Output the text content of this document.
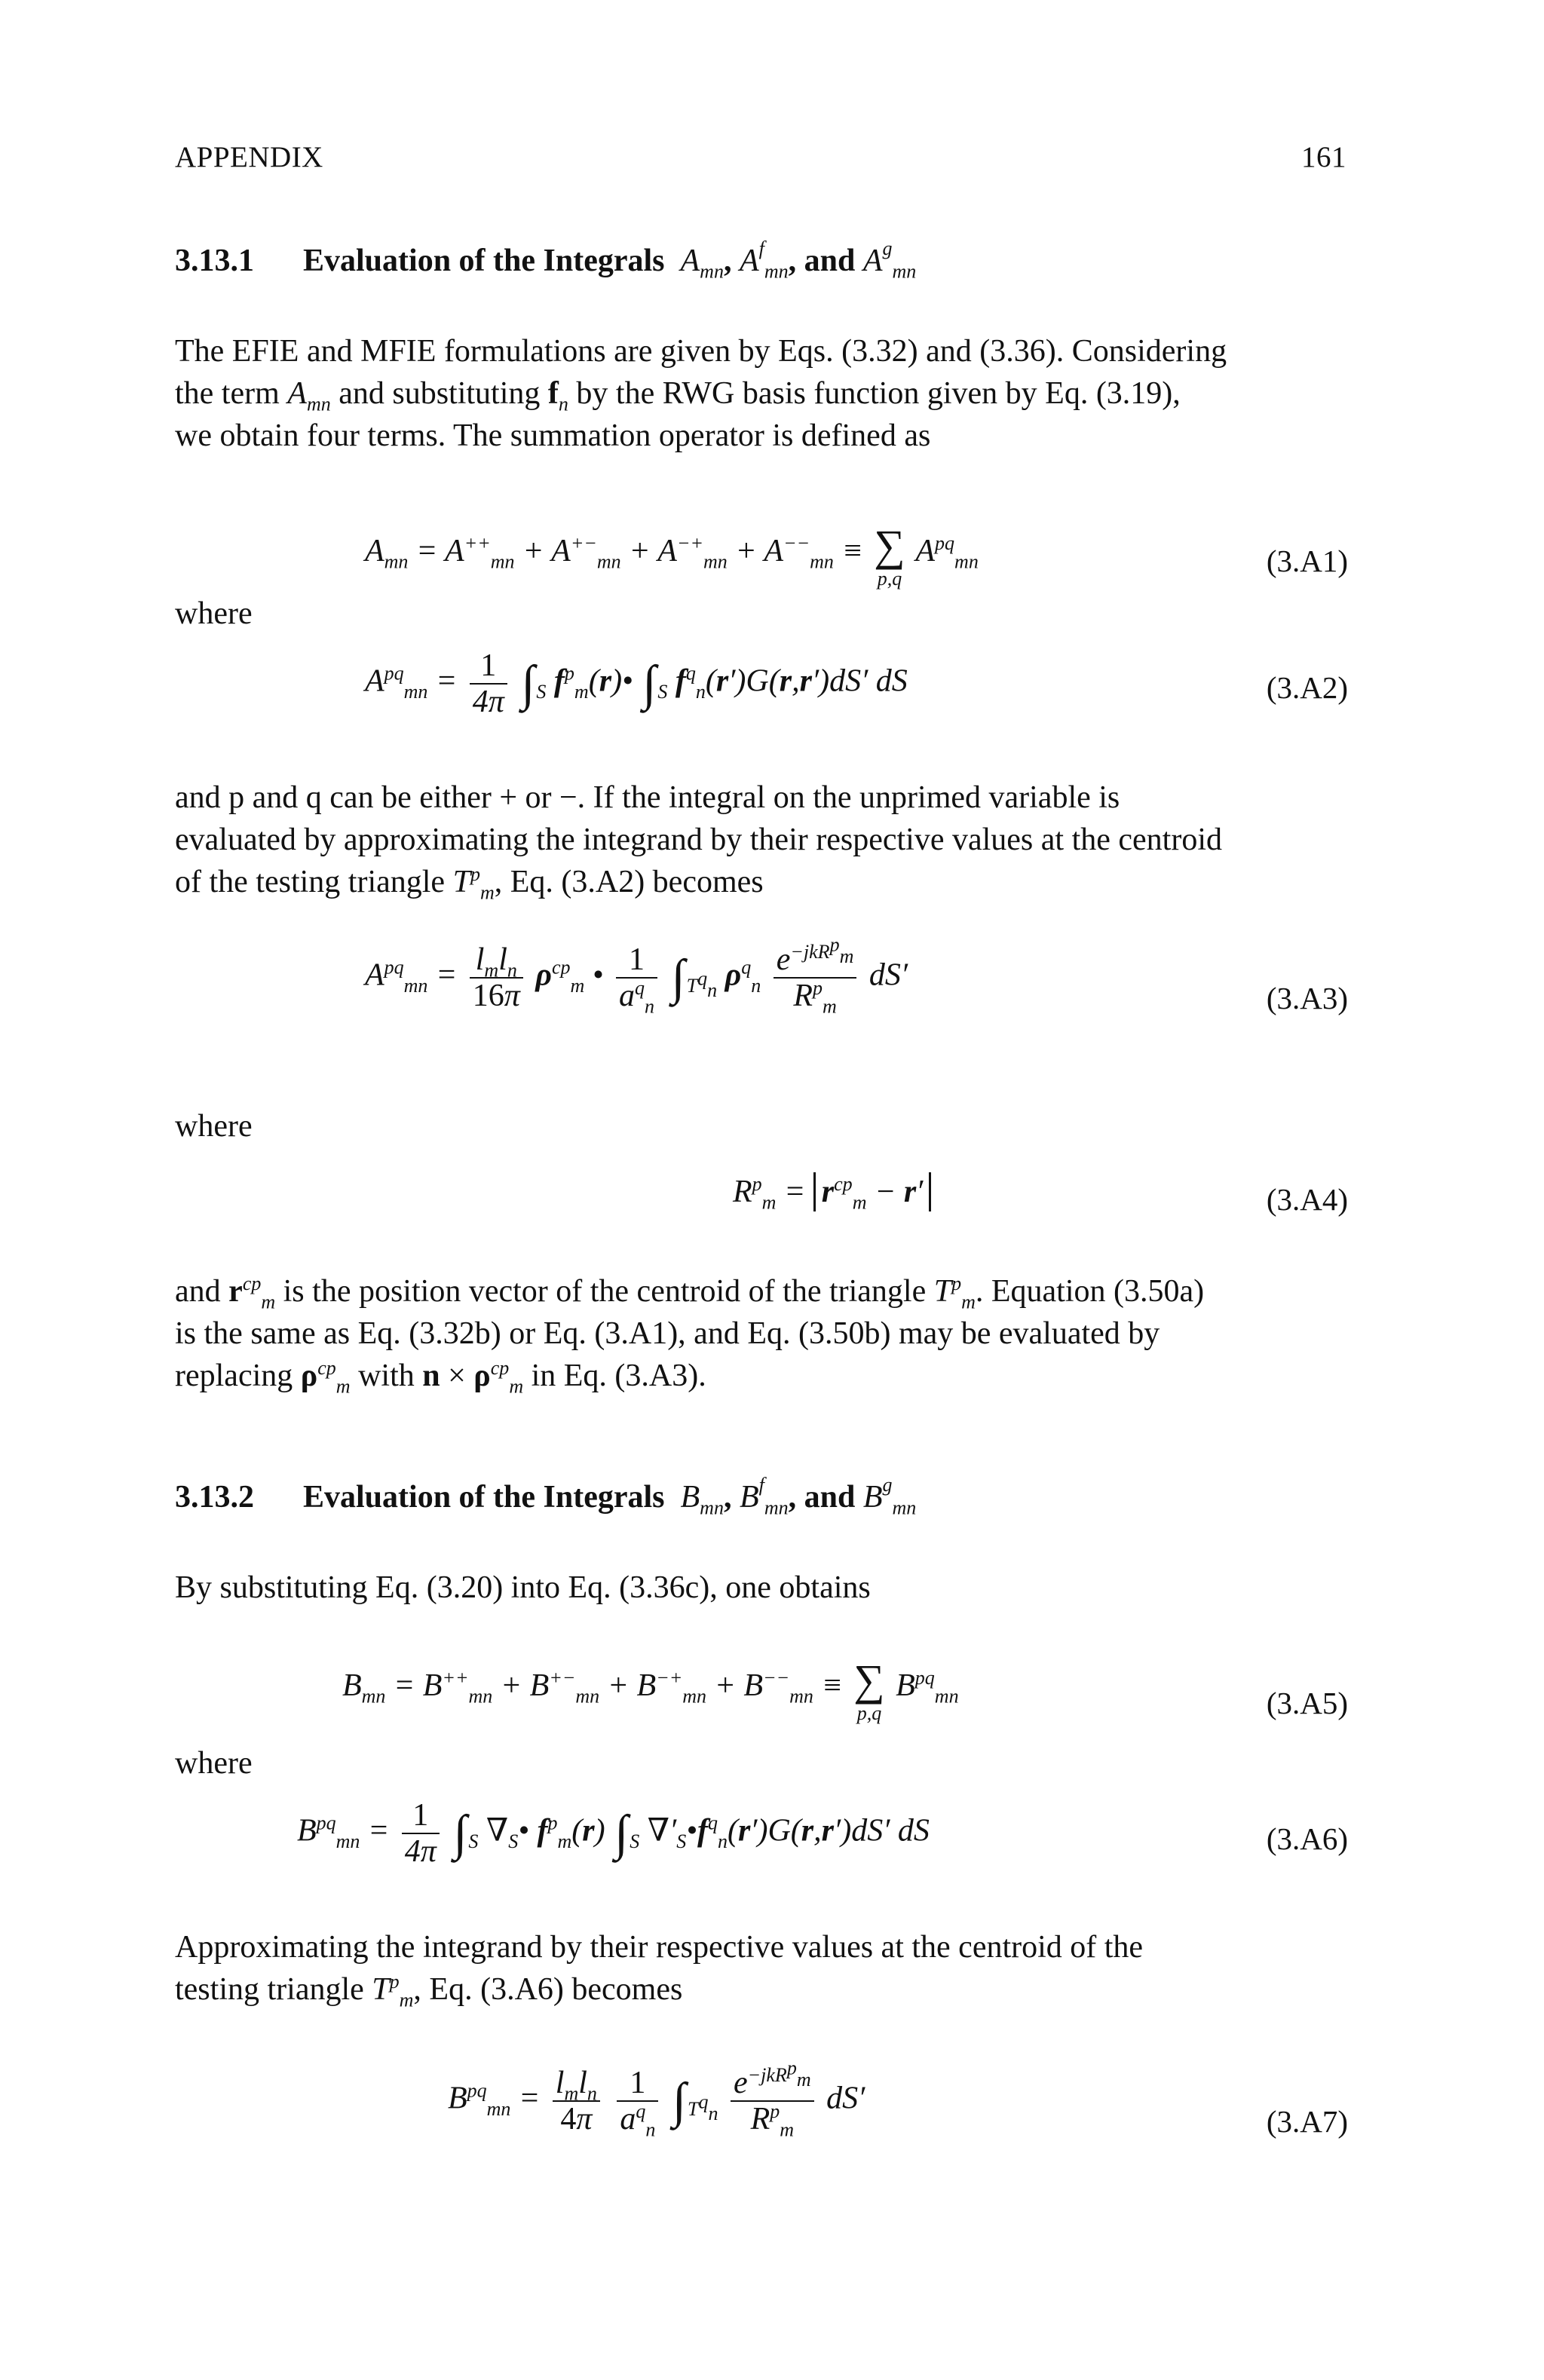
APPENDIX	161
3.13.1 Evaluation of the Integrals  $A_{mn}$, $A^f_{mn}$, and $A^g_{mn}$
The EFIE and MFIE formulations are given by Eqs. (3.32) and (3.36). Considering
the term $A_{mn}$ and substituting $f_n$ by the RWG basis function given by Eq. (3.19),
we obtain four terms. The summation operator is defined as
$A_{mn} = A^{++}_{mn} + A^{+-}_{mn} + A^{-+}_{mn} + A^{--}_{mn}$ ≡ ∑
p,q
$A^{pq}_{mn}$	(3.A1)
where
$A^{pq}_{mn} = \frac{1}{4\pi} \int_S$ $f^p_m(r)•$ $\int_S$ $f^q_n(r')G(r,r')dS'$ dS	(3.A2)
and p and q can be either + or −. If the integral on the unprimed variable is
evaluated by approximating the integrand by their respective values at the centroid
of the testing triangle $T^p_m$, Eq. (3.A2) becomes
$A^{pq}_{mn} = \frac{l_ml_n}{16\pi} \rho^{cp}_m$ • $\frac{1}{a^q_n} \int_{T^q_n}$ $\rho^q_n \frac{e^{-jkR^p_m}}{R^p_m} dS'$
(3.A3)
where
$R^p_m = r^{cp}_m - r'$	(3.A4)
and $r^{cp}_m$ is the position vector of the centroid of the triangle $T^p_m$. Equation (3.50a)
is the same as Eq. (3.32b) or Eq. (3.A1), and Eq. (3.50b) may be evaluated by
replacing $\rho^{cp}_m$ with $n \times \rho^{cp}_m$ in Eq. (3.A3).
3.13.2 Evaluation of the Integrals  $B_{mn}$, $B^f_{mn}$, and $B^g_{mn}$
By substituting Eq. (3.20) into Eq. (3.36c), one obtains
$B_{mn} = B^{++}_{mn} + B^{+-}_{mn} + B^{-+}_{mn} + B^{--}_{mn}$ ≡ ∑
p,q
$B^{pq}_{mn}$	(3.A5)
where
$B^{pq}_{mn} = \frac{1}{4\pi} \int_S$ $\nabla_S•$ $f^p_m(r)$ $\int_S$ $\nabla'_S•f^q_n(r')G(r,r')dS'$ dS	(3.A6)
Approximating the integrand by their respective values at the centroid of the
testing triangle $T^p_m$, Eq. (3.A6) becomes
$B^{pq}_{mn} = \frac{l_ml_n}{4\pi}$
$\frac{1}{a^q_n} \int_{T^q_n} \frac{e^{-jkR^p_m}}{R^p_m} dS'$
(3.A7)
